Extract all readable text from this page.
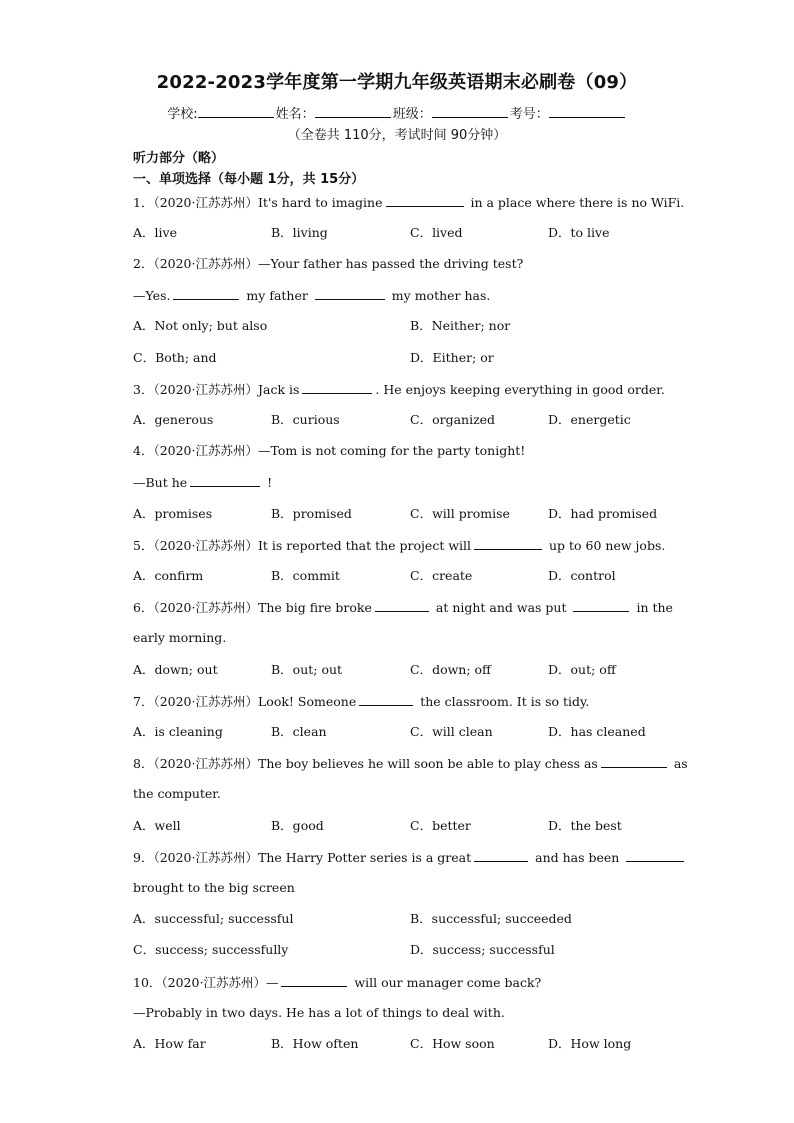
2022-2023学年度第一学期九年级英语期末必刷卷（09）
学校:	姓名：	班级：	考号：
（全卷共 110分，考试时间 90分钟）
听力部分（略）
一、单项选择（每小题 1分，共 15分）
1．（2020·江苏苏州）It's hard to imagine	in a place where there is no WiFi.
A．live	B．living	C．lived	D．to live
2．（2020·江苏苏州）—Your father has passed the driving test?
—Yes.	my father	my mother has.
A．Not only; but also	B．Neither; nor
C．Both; and	D．Either; or
3．（2020·江苏苏州）Jack is	. He enjoys keeping everything in good order.
A．generous	B．curious	C．organized	D．energetic
4．（2020·江苏苏州）—Tom is not coming for the party tonight!
—But he	!
A．promises	B．promised	C．will promise	D．had promised
5．（2020·江苏苏州）It is reported that the project will	up to 60 new jobs.
A．confirm	B．commit	C．create	D．control
6．（2020·江苏苏州）The big fire broke	at night and was put	in the
early morning.
A．down; out	B．out; out	C．down; off	D．out; off
7．（2020·江苏苏州）Look! Someone	the classroom. It is so tidy.
A．is cleaning	B．clean	C．will clean	D．has cleaned
8．（2020·江苏苏州）The boy believes he will soon be able to play chess as	as
the computer.
A．well	B．good	C．better	D．the best
9．（2020·江苏苏州）The Harry Potter series is a great	and has been
brought to the big screen
A．successful; successful	B．successful; succeeded
C．success; successfully	D．success; successful
10．（2020·江苏苏州）—	will our manager come back?
—Probably in two days. He has a lot of things to deal with.
A．How far	B．How often	C．How soon	D．How long
